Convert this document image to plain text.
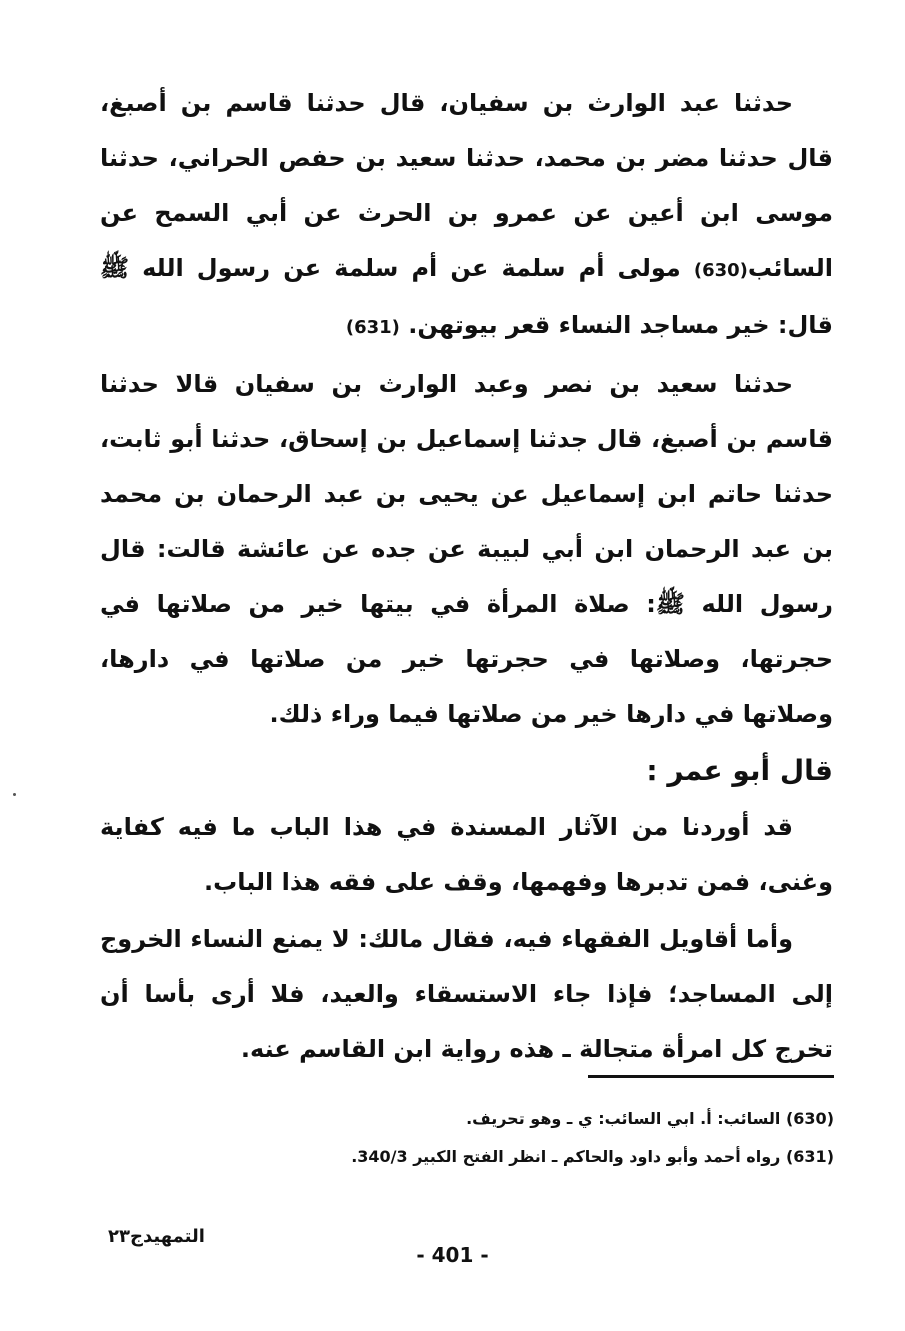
حدثنا عبد الوارث بن سفيان، قال حدثنا قاسم بن أصبغ، قال حدثنا مضر بن محمد، حدثنا سعيد بن حفص الحراني، حدثنا موسى ابن أعين عن عمرو بن الحرث عن أبي السمح عن السائب(630) مولى أم سلمة عن أم سلمة عن رسول الله ﷺ قال: خير مساجد النساء قعر بيوتهن. (631)

حدثنا سعيد بن نصر وعبد الوارث بن سفيان قالا حدثنا قاسم بن أصبغ، قال جدثنا إسماعيل بن إسحاق، حدثنا أبو ثابت، حدثنا حاتم ابن إسماعيل عن يحيى بن عبد الرحمان بن محمد بن عبد الرحمان ابن أبي لبيبة عن جده عن عائشة قالت: قال رسول الله ﷺ: صلاة المرأة في بيتها خير من صلاتها في حجرتها، وصلاتها في حجرتها خير من صلاتها في دارها، وصلاتها في دارها خير من صلاتها فيما وراء ذلك.

قال أبو عمر :

قد أوردنا من الآثار المسندة في هذا الباب ما فيه كفاية وغنى، فمن تدبرها وفهمها، وقف على فقه هذا الباب.

وأما أقاويل الفقهاء فيه، فقال مالك: لا يمنع النساء الخروج إلى المساجد؛ فإذا جاء الاستسقاء والعيد، فلا أرى بأسا أن تخرج كل امرأة متجالة ـ هذه رواية ابن القاسم عنه.

(630) السائب: أ. ابي السائب: ي ـ وهو تحريف.

(631) رواه أحمد وأبو داود والحاكم ـ انظر الفتح الكبير 340/3.

التمهيدج٢٣
- 401 -
